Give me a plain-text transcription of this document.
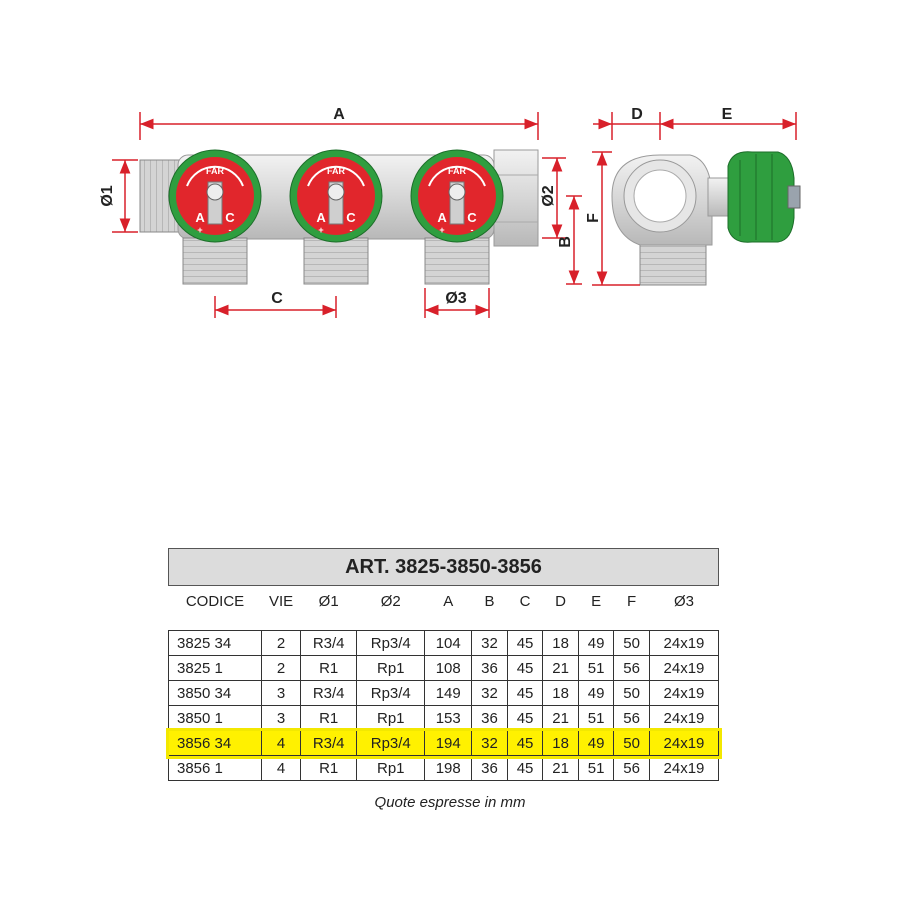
FAR
A C
+	-
FAR
A C
+	-
FAR
A C
+	-
A
Ø1
C	Ø3
Ø2
B
F
D	E
ART. 3825-3850-3856										
CODICE	VIE	Ø1	Ø2	A	B	C	D	E	F	Ø3

3825 34	2	R3/4	Rp3/4	104	32	45	18	49	50	24x19
3825 1	2	R1	Rp1	108	36	45	21	51	56	24x19
3850 34	3	R3/4	Rp3/4	149	32	45	18	49	50	24x19
3850 1	3	R1	Rp1	153	36	45	21	51	56	24x19
3856 34	4	R3/4	Rp3/4	194	32	45	18	49	50	24x19
3856 1	4	R1	Rp1	198	36	45	21	51	56	24x19
Quote espresse in mm
